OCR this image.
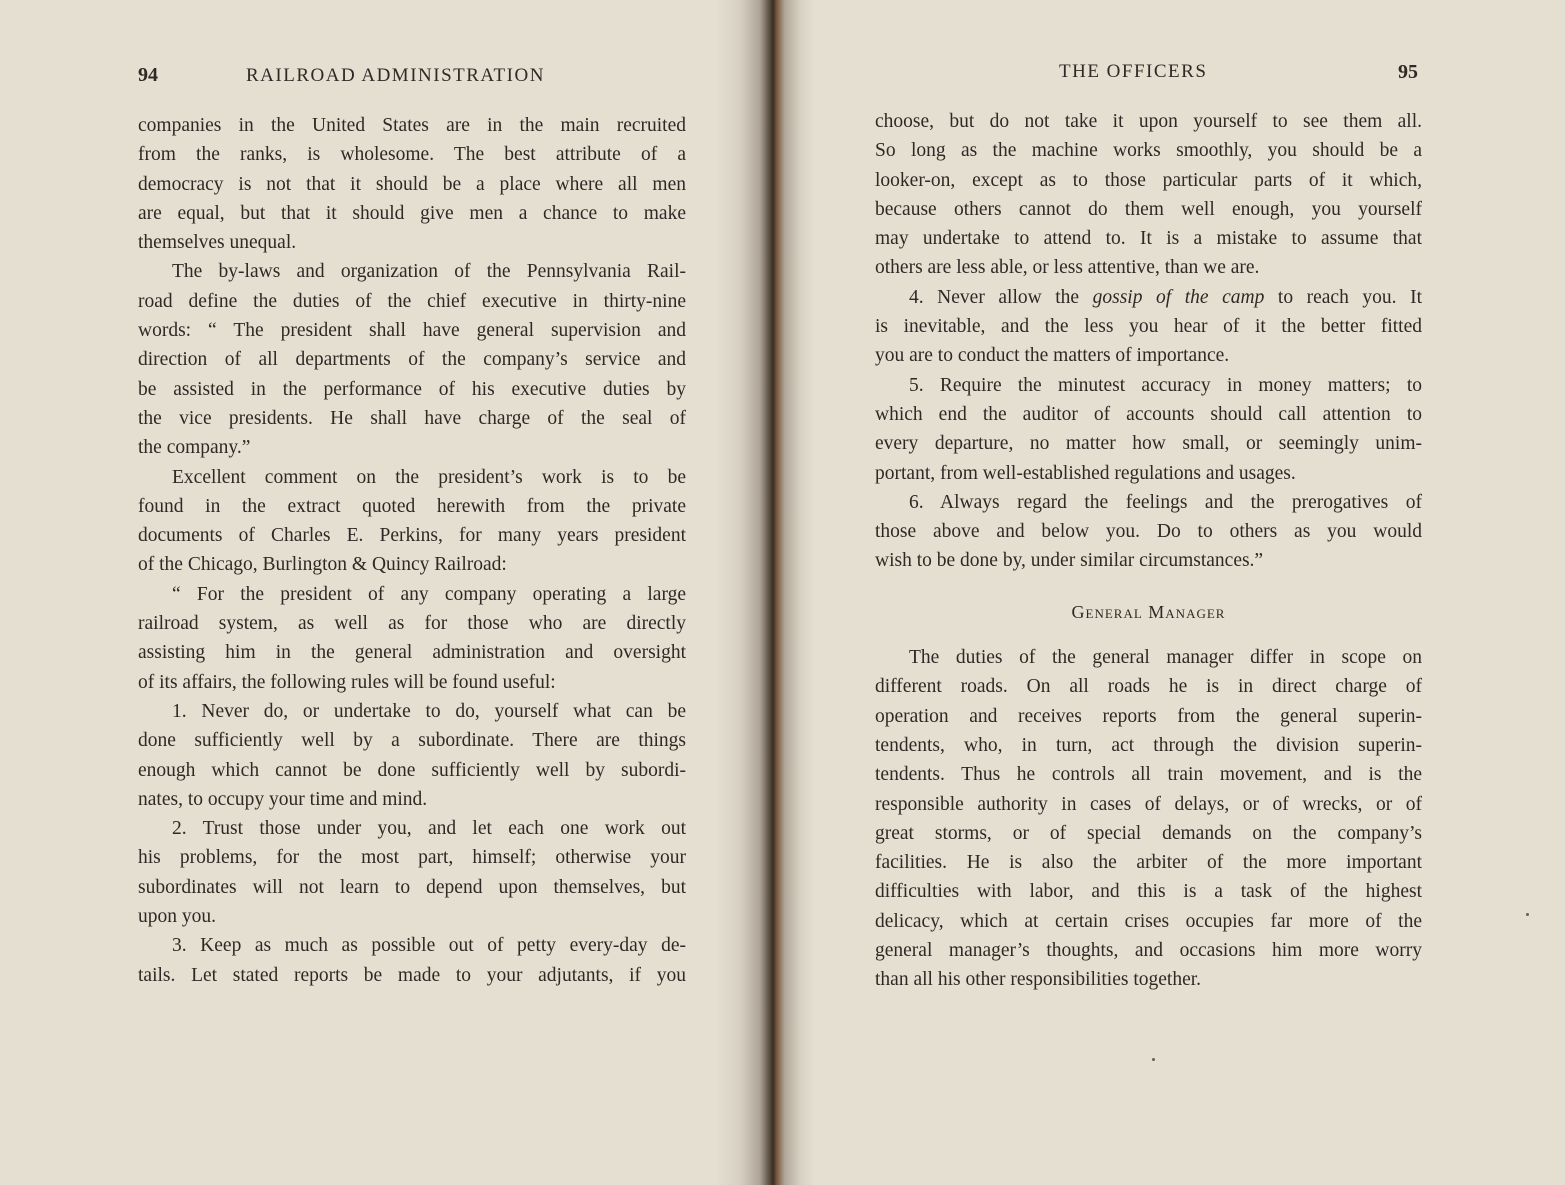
94	RAILROAD ADMINISTRATION

companies in the United States are in the main recruited
from the ranks, is wholesome. The best attribute of a
democracy is not that it should be a place where all men
are equal, but that it should give men a chance to make
themselves unequal.

The by-laws and organization of the Pennsylvania Rail-
road define the duties of the chief executive in thirty-nine
words: “ The president shall have general supervision and
direction of all departments of the company’s service and
be assisted in the performance of his executive duties by
the vice presidents. He shall have charge of the seal of
the company.”

Excellent comment on the president’s work is to be
found in the extract quoted herewith from the private
documents of Charles E. Perkins, for many years president
of the Chicago, Burlington & Quincy Railroad:

“ For the president of any company operating a large
railroad system, as well as for those who are directly
assisting him in the general administration and oversight
of its affairs, the following rules will be found useful:

1. Never do, or undertake to do, yourself what can be
done sufficiently well by a subordinate. There are things
enough which cannot be done sufficiently well by subordi-
nates, to occupy your time and mind.

2. Trust those under you, and let each one work out
his problems, for the most part, himself; otherwise your
subordinates will not learn to depend upon themselves, but
upon you.

3. Keep as much as possible out of petty every-day de-
tails. Let stated reports be made to your adjutants, if you

THE OFFICERS	95

choose, but do not take it upon yourself to see them all.
So long as the machine works smoothly, you should be a
looker-on, except as to those particular parts of it which,
because others cannot do them well enough, you yourself
may undertake to attend to. It is a mistake to assume that
others are less able, or less attentive, than we are.

4. Never allow the gossip of the camp to reach you. It
is inevitable, and the less you hear of it the better fitted
you are to conduct the matters of importance.

5. Require the minutest accuracy in money matters; to
which end the auditor of accounts should call attention to
every departure, no matter how small, or seemingly unim-
portant, from well-established regulations and usages.

6. Always regard the feelings and the prerogatives of
those above and below you. Do to others as you would
wish to be done by, under similar circumstances.”

General Manager

The duties of the general manager differ in scope on
different roads. On all roads he is in direct charge of
operation and receives reports from the general superin-
tendents, who, in turn, act through the division superin-
tendents. Thus he controls all train movement, and is the
responsible authority in cases of delays, or of wrecks, or of
great storms, or of special demands on the company’s
facilities. He is also the arbiter of the more important
difficulties with labor, and this is a task of the highest
delicacy, which at certain crises occupies far more of the
general manager’s thoughts, and occasions him more worry
than all his other responsibilities together.
